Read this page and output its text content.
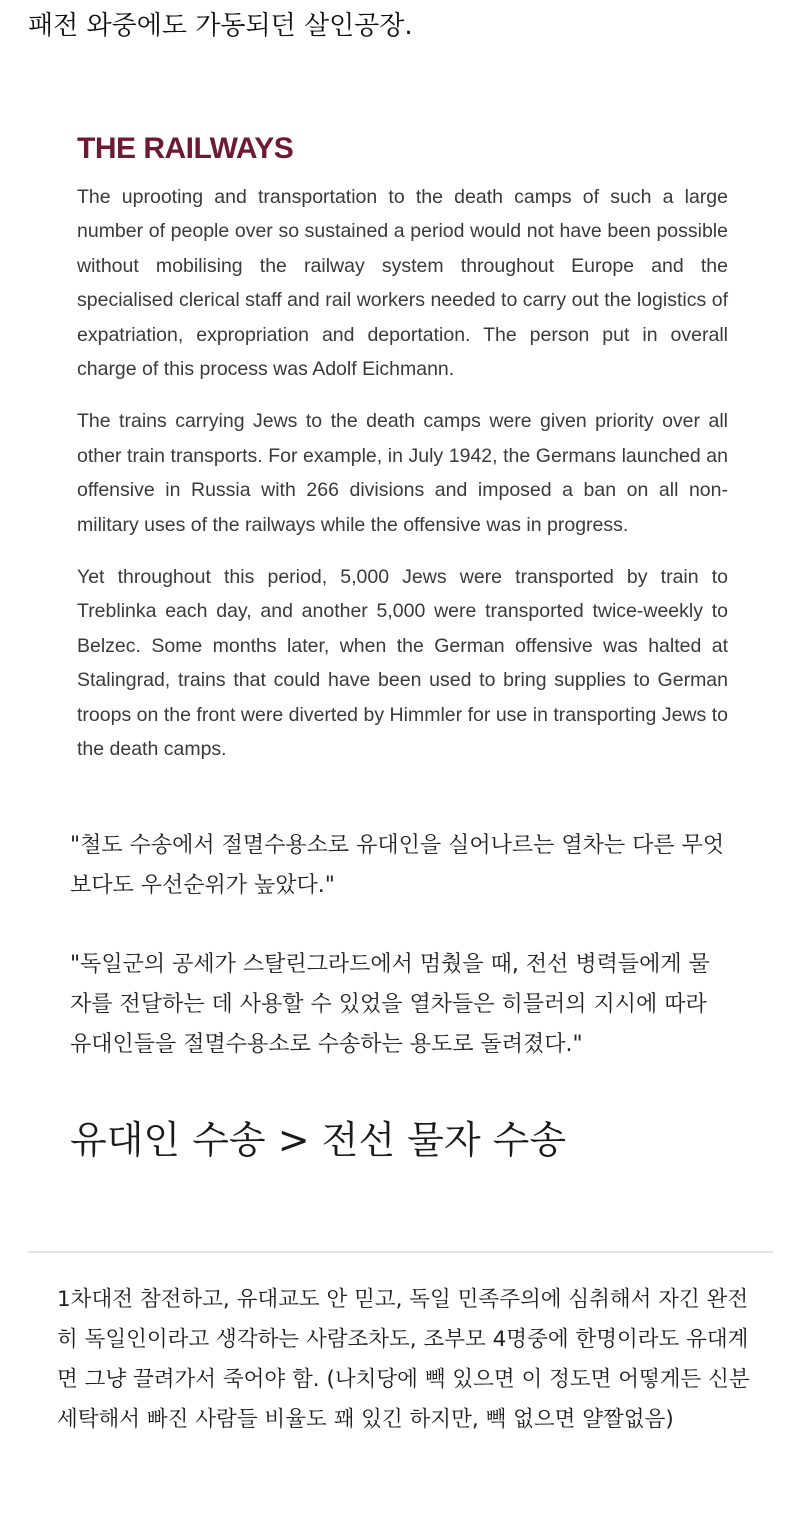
패전 와중에도 가동되던 살인공장.
THE RAILWAYS

The uprooting and transportation to the death camps of such a large number of people over so sustained a period would not have been possible without mobilising the railway system throughout Europe and the specialised clerical staff and rail workers needed to carry out the logistics of expatriation, expropriation and deportation. The person put in overall charge of this process was Adolf Eichmann.

The trains carrying Jews to the death camps were given priority over all other train transports. For example, in July 1942, the Germans launched an offensive in Russia with 266 divisions and imposed a ban on all non-military uses of the railways while the offensive was in progress.

Yet throughout this period, 5,000 Jews were transported by train to Treblinka each day, and another 5,000 were transported twice-weekly to Belzec. Some months later, when the German offensive was halted at Stalingrad, trains that could have been used to bring supplies to German troops on the front were diverted by Himmler for use in transporting Jews to the death camps.

"철도 수송에서 절멸수용소로 유대인을 실어나르는 열차는 다른 무엇보다도 우선순위가 높았다."
"독일군의 공세가 스탈린그라드에서 멈췄을 때, 전선 병력들에게 물자를 전달하는 데 사용할 수 있었을 열차들은 히믈러의 지시에 따라 유대인들을 절멸수용소로 수송하는 용도로 돌려졌다."
유대인 수송 > 전선 물자 수송
1차대전 참전하고, 유대교도 안 믿고, 독일 민족주의에 심취해서 자긴 완전히 독일인이라고 생각하는 사람조차도, 조부모 4명중에 한명이라도 유대계면 그냥 끌려가서 죽어야 함. (나치당에 빽 있으면 이 정도면 어떻게든 신분세탁해서 빠진 사람들 비율도 꽤 있긴 하지만, 빽 없으면 얄짤없음)
